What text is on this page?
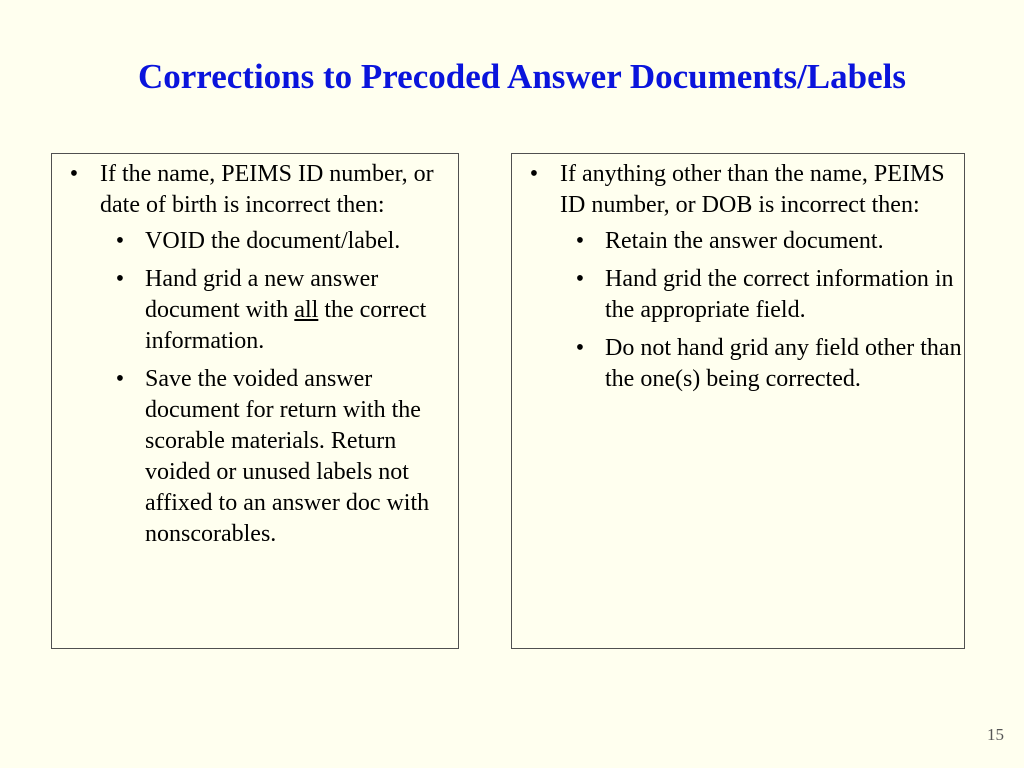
Corrections to Precoded Answer Documents/Labels
• If the name, PEIMS ID number, or date of birth is incorrect then:
• VOID the document/label.
• Hand grid a new answer document with all the correct information.
• Save the voided answer document for return with the scorable materials. Return voided or unused labels not affixed to an answer doc with nonscorables.
• If anything other than the name, PEIMS ID number, or DOB is incorrect then:
• Retain the answer document.
• Hand grid the correct information in the appropriate field.
• Do not hand grid any field other than the one(s) being corrected.
15
